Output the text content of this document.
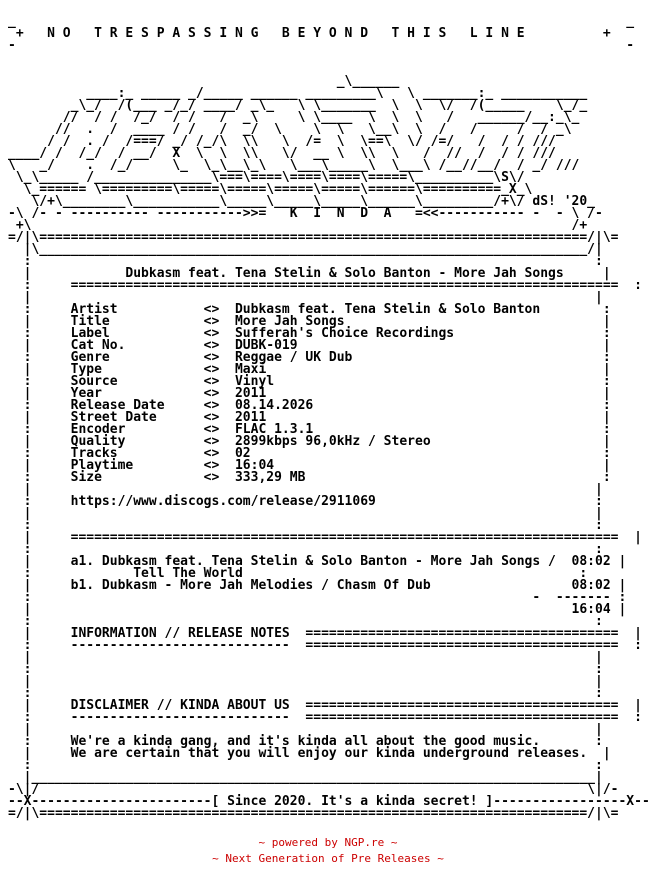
_                                                                              _
+   N O   T R E S P A S S I N G   B E Y O N D   T H I S   L I N E          +
-                                                                              -

_\______
____:_ _____ _/_____ ______ _________\   \ _______:_ ___________
_\_/  /(___ _/_/ ____/ _\_   \ \_______  \  \  \/  /(_____    \_/_
//  / /  /_/  / /   /  _\     \ \____  \  \  \   /   ______/__:_\_
//  .  /  ____ / /   /  _/  \    \  \   \__\  \  /   /     /  / _\
/ /  . /  /===/ _/ /_/\  \\   \  /=  \  \==\  \/ /=/   /  / / ///
____/ /  /_/  / __/  X  \  \  \\   \/  __ \  \\  \   /  //  /  / / ///
\   _/    .  /_/     \_  \_\__\_\   \___\_____\  \___\ /__//__/  / _/ ///
\_\_____ /_______________\===\====\====\====\=====\__________\S\/
\_====== \=========\=====\=====\=====\=====\======\==========_X_\
\/+\________\___________\_____\_____\_____\______\_________/+\/ dS! '20_
-\ /- - ---------- ----------->>=   K  I  N  D  A   =<<----------- -  - \ /-
+\                                                                     /+
=/|\======================================================================/|\=
|\______________________________________________________________________/|
:                                                                        :
|            Dubkasm feat. Tena Stelin & Solo Banton - More Jah Songs     |
:     ======================================================================  :
|                                                                        |
:     Artist           <>  Dubkasm feat. Tena Stelin & Solo Banton        :
|     Title            <>  More Jah Songs                                 |
:     Label            <>  Sufferah's Choice Recordings                   :
|     Cat No.          <>  DUBK-019                                       |
:     Genre            <>  Reggae / UK Dub                                :
|     Type             <>  Maxi                                           |
:     Source           <>  Vinyl                                          :
|     Year             <>  2011                                           |
:     Release Date     <>  08.14.2026                                     :
|     Street Date      <>  2011                                           |
:     Encoder          <>  FLAC 1.3.1                                     :
|     Quality          <>  2899kbps 96,0kHz / Stereo                      |
:     Tracks           <>  02                                             :
|     Playtime         <>  16:04                                          |
:     Size             <>  333,29 MB                                      :
|                                                                        |
:     https://www.discogs.com/release/2911069                            :
|                                                                        |
:                                                                        :
|     ======================================================================  |
:                                                                        :
|     a1. Dubkasm feat. Tena Stelin & Solo Banton - More Jah Songs /  08:02 |
:             Tell The World                                           :
|     b1. Dubkasm - More Jah Melodies / Chasm Of Dub                  08:02 |
:                                                                -  ------- :
|                                                                     16:04 |
:                                                                        :
|     INFORMATION // RELEASE NOTES  ========================================  |
:     ----------------------------  ========================================  :
|                                                                        |
:                                                                        :
|                                                                        |
:                                                                        :
|     DISCLAIMER // KINDA ABOUT US  ========================================  |
:     ----------------------------  ========================================  :
|                                                                        |
:     We're a kinda gang, and it's kinda all about the good music.       :
|     We are certain that you will enjoy our kinda underground releases.  |
:                                                                        :
|________________________________________________________________________|
-\|/                                                                      \|/-
--X-----------------------[ Since 2020. It's a kinda secret! ]-----------------X--
=/|\======================================================================/|\=
~ powered by NGP.re ~
~ Next Generation of Pre Releases ~
